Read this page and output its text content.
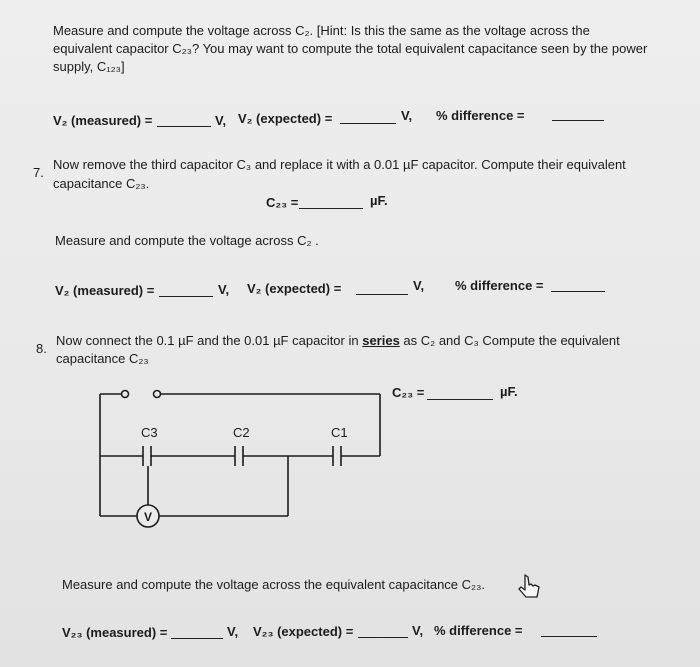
Measure and compute the voltage across C₂. [Hint: Is this the same as the voltage across the
equivalent capacitor C₂₃? You may want to compute the total equivalent capacitance seen by the power
supply, C₁₂₃]
V₂ (measured) =	V, V₂ (expected) =	V, % difference =
7.
Now remove the third capacitor C₃ and replace it with a 0.01 µF capacitor. Compute their equivalent
capacitance C₂₃.
C₂₃ =	µF.
Measure and compute the voltage across C₂ .
V₂ (measured) =	V, V₂ (expected) =	V, % difference =
8.
Now connect the 0.1 µF and the 0.01 µF capacitor in series as C₂ and C₃ Compute the equivalent
capacitance C₂₃
C₂₃ =	µF.
C3	C2	C1
V
Measure and compute the voltage across the equivalent capacitance C₂₃.
V₂₃ (measured) =	V, V₂₃ (expected) =	V, % difference =
